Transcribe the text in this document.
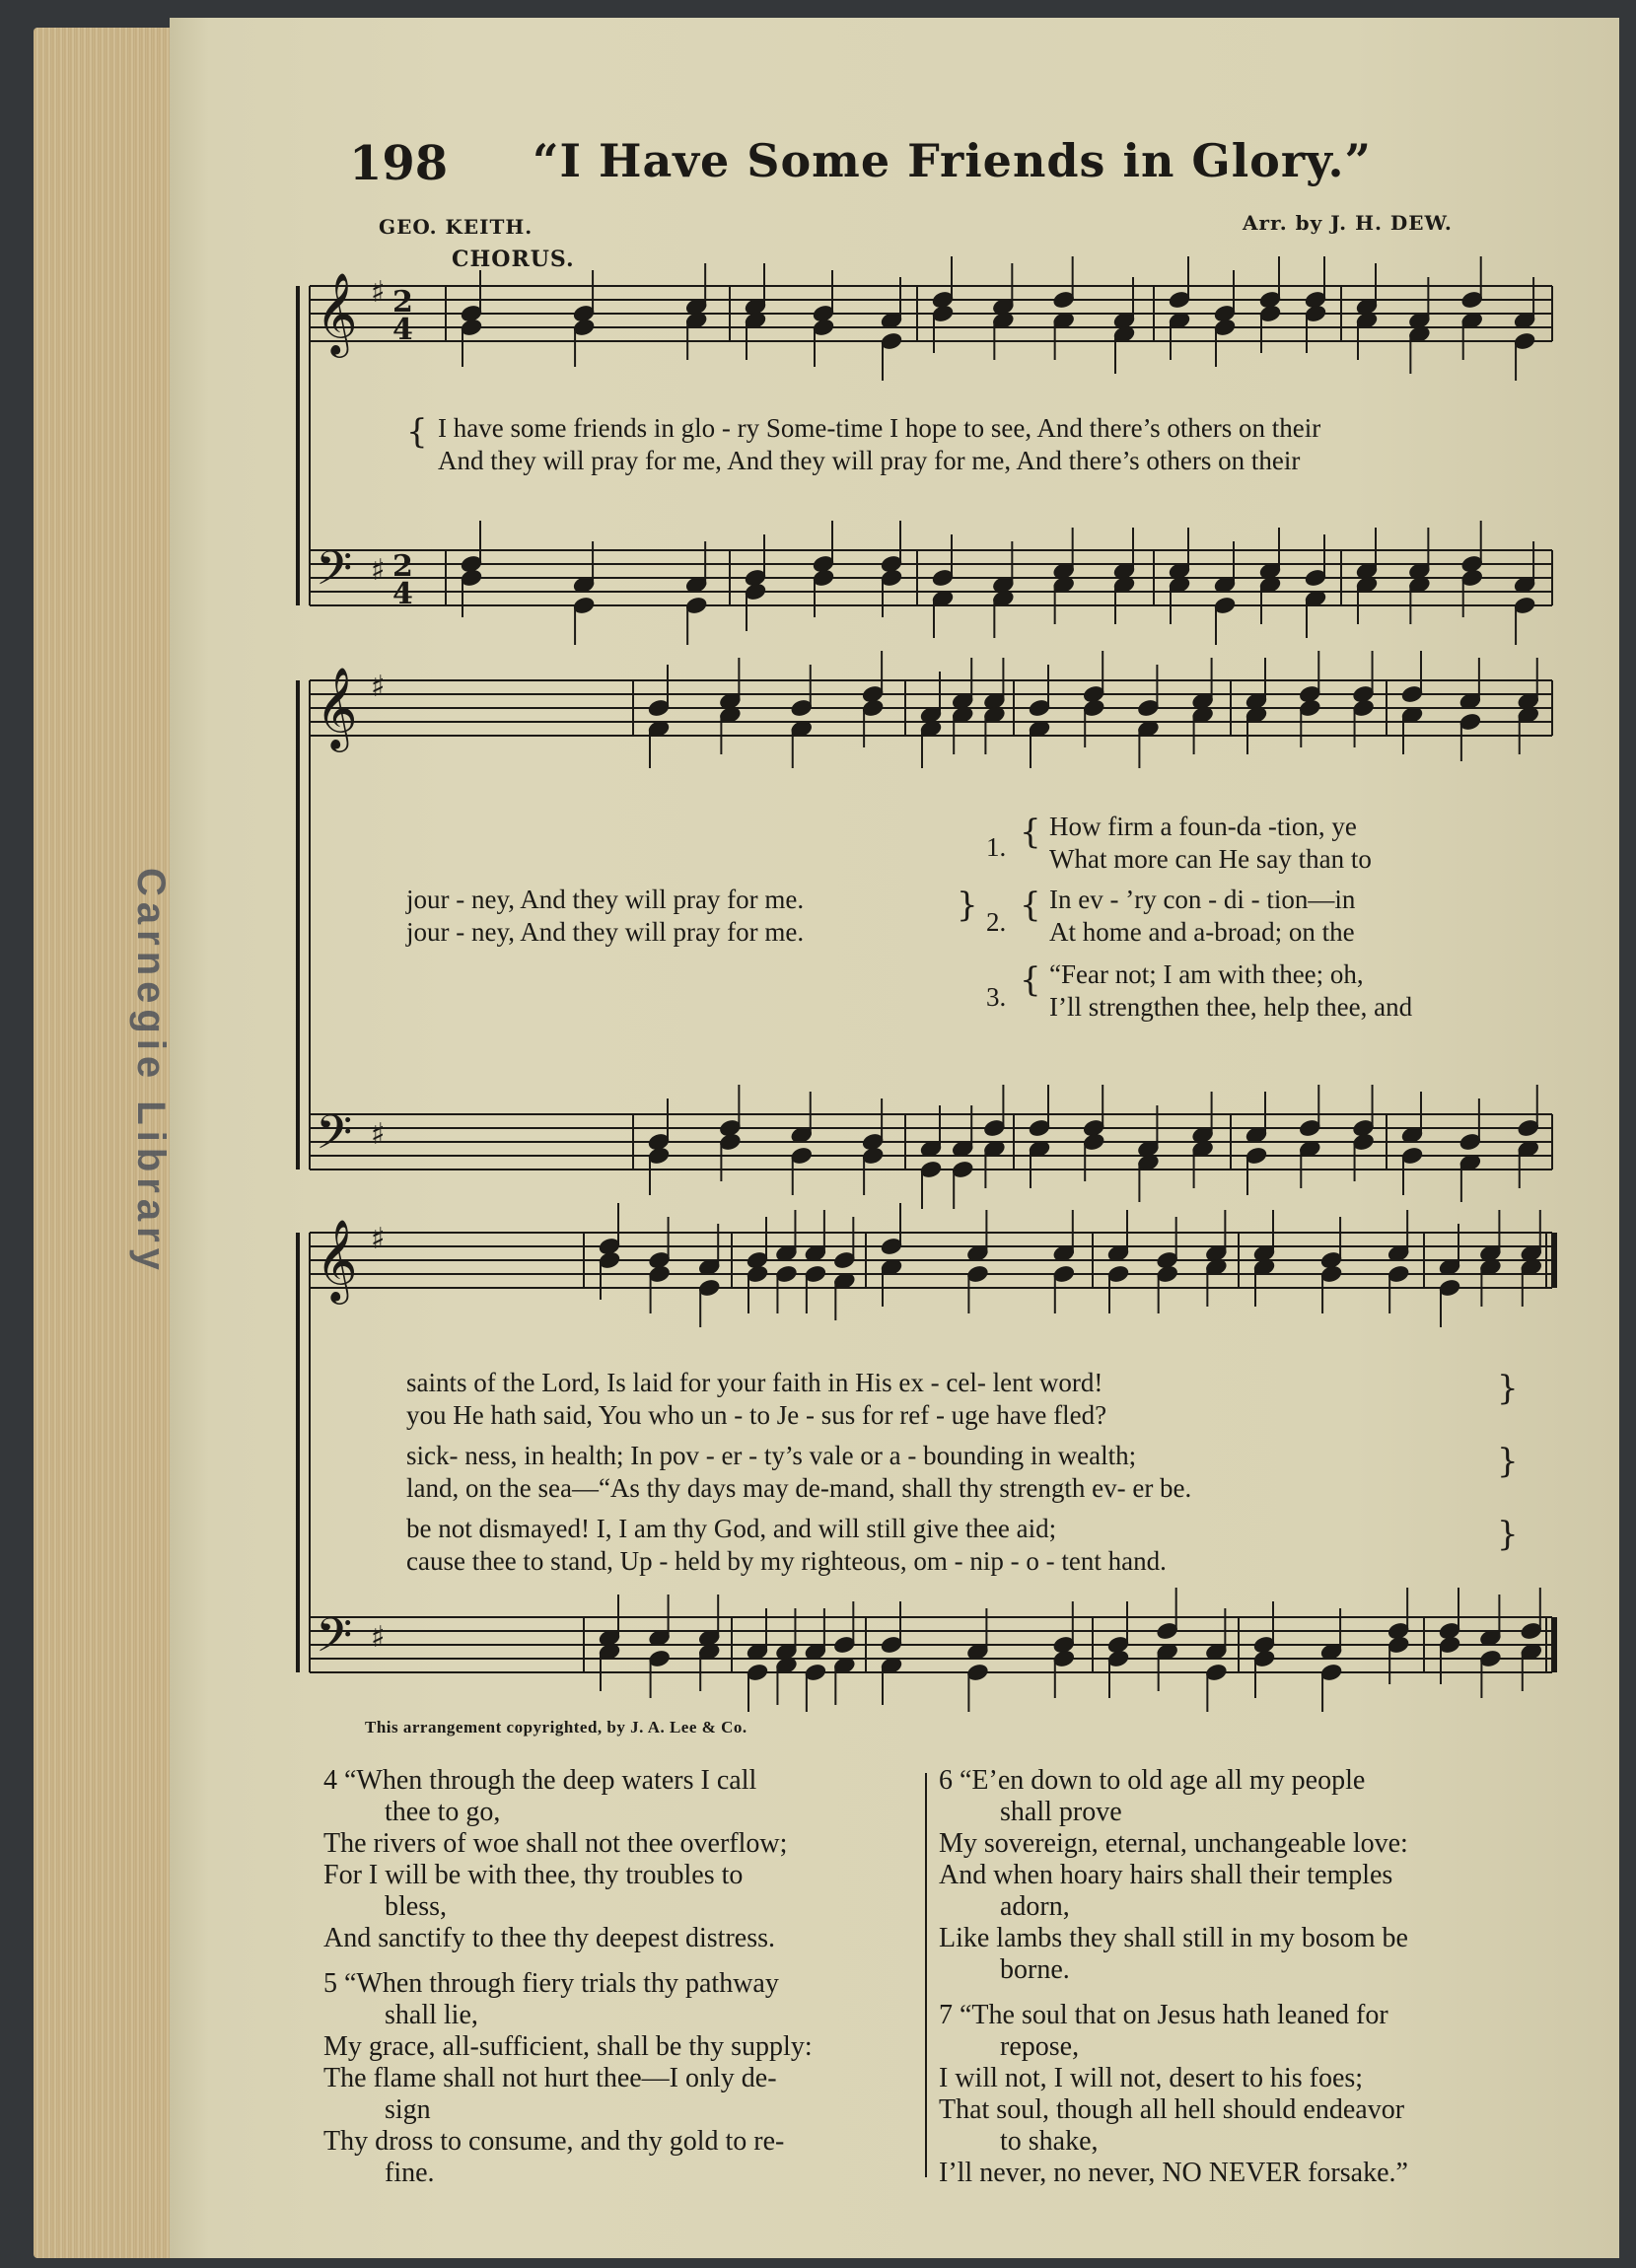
198 “I Have Some Friends in Glory.”
GEO. KEITH.	Arr. by J. H. DEW.
CHORUS.
𝄞
𝄢
♯
♯
2
4
2
4
𝄞
𝄢
♯
♯
𝄞
𝄢
♯
♯
{ I have some friends in glo - ry Some-time I hope to see, And there’s others on their
And they will pray for me, And they will pray for me, And there’s others on their
jour - ney, And they will pray for me.
jour - ney, And they will pray for me.
}
1. { How firm a foun-da -tion, ye
What more can He say than to
2. { In ev - ’ry con - di - tion—in
At home and a-broad; on the
3. { “Fear not; I am with thee; oh,
I’ll strengthen thee, help thee, and
saints of the Lord, Is laid for your faith in His ex - cel- lent word!
you He hath said, You who un - to Je - sus for ref - uge have fled?
sick- ness, in health; In pov - er - ty’s vale or a - bounding in wealth;
land, on the sea—“As thy days may de-mand, shall thy strength ev- er be.
be not dismayed! I, I am thy God, and will still give thee aid;
cause thee to stand, Up - held by my righteous, om - nip - o - tent hand.
}
}
}
This arrangement copyrighted, by J. A. Lee & Co.
4 “When through the deep waters I call
thee to go,
The rivers of woe shall not thee overflow;
For I will be with thee, thy troubles to
bless,
And sanctify to thee thy deepest distress.
5 “When through fiery trials thy pathway
shall lie,
My grace, all-sufficient, shall be thy supply:
The flame shall not hurt thee—I only de-
sign
Thy dross to consume, and thy gold to re-
fine.
6 “E’en down to old age all my people
shall prove
My sovereign, eternal, unchangeable love:
And when hoary hairs shall their temples
adorn,
Like lambs they shall still in my bosom be
borne.
7 “The soul that on Jesus hath leaned for
repose,
I will not, I will not, desert to his foes;
That soul, though all hell should endeavor
to shake,
I’ll never, no never, NO NEVER forsake.”
Carnegie Library
